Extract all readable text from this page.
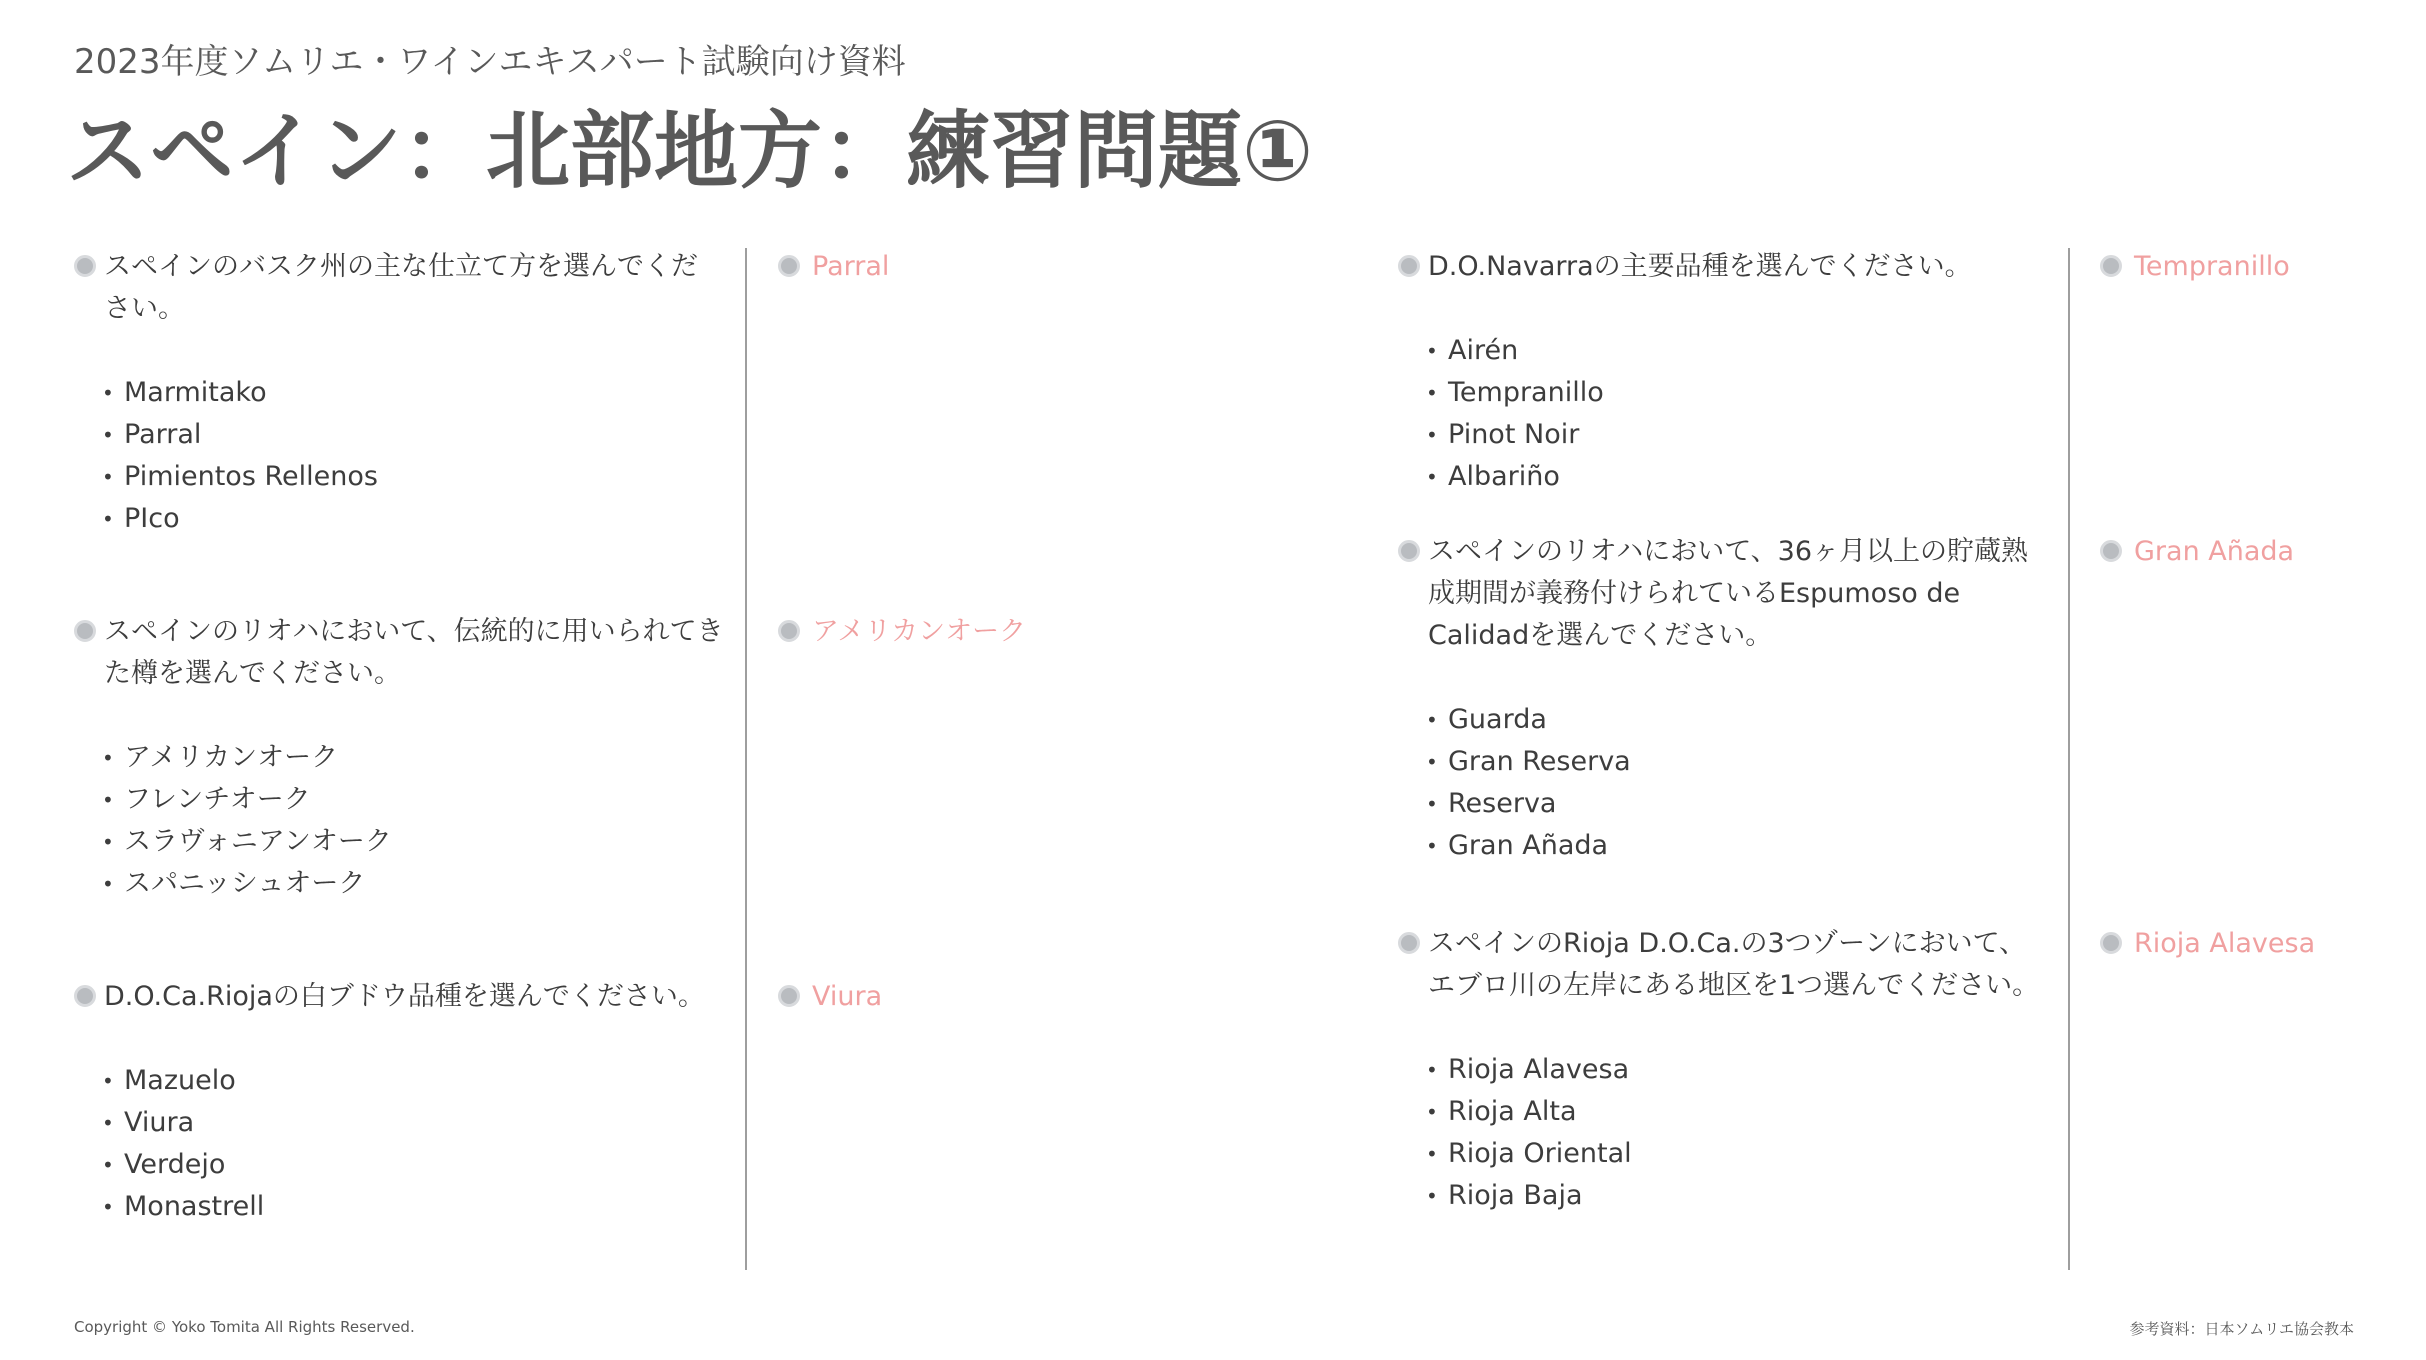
2023年度ソムリエ・ワインエキスパート試験向け資料
スペイン：北部地方：練習問題①
スペインのバスク州の主な仕立て方を選んでください。
• Marmitako
• Parral
• Pimientos Rellenos
• PIco
Parral
スペインのリオハにおいて、伝統的に用いられてきた樽を選んでください。
• アメリカンオーク
• フレンチオーク
• スラヴォニアンオーク
• スパニッシュオーク
アメリカンオーク
D.O.Ca.Riojaの白ブドウ品種を選んでください。
• Mazuelo
• Viura
• Verdejo
• Monastrell
Viura
D.O.Navarraの主要品種を選んでください。
• Airén
• Tempranillo
• Pinot Noir
• Albariño
Tempranillo
スペインのリオハにおいて、36ヶ月以上の貯蔵熟成期間が義務付けられているEspumoso de Calidadを選んでください。
• Guarda
• Gran Reserva
• Reserva
• Gran Añada
Gran Añada
スペインのRioja D.O.Ca.の3つゾーンにおいて、エブロ川の左岸にある地区を1つ選んでください。
• Rioja Alavesa
• Rioja Alta
• Rioja Oriental
• Rioja Baja
Rioja Alavesa
Copyright © Yoko Tomita All Rights Reserved.	参考資料：日本ソムリエ協会教本
